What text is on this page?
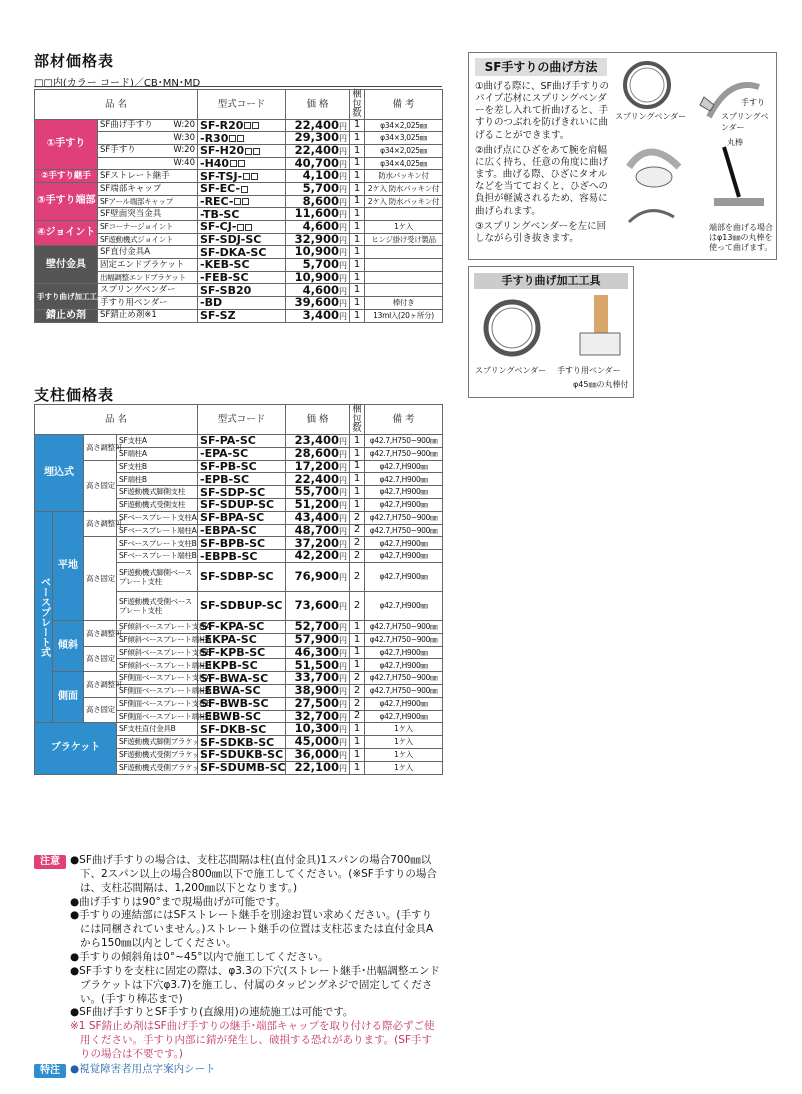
部材価格表
□□内(カラー コード)／CB･MN･MD
品 名		型式コード	価 格	梱包数	備 考
①手すり	SF曲げ手すり W:20	SF-R20	22,400円	1	φ34×2,025㎜

	W:30	-R30	29,300円	1	φ34×3,025㎜
	SF手すり W:20	SF-H20	22,400円	1	φ34×2,025㎜

	W:40	-H40	40,700円	1	φ34×4,025㎜
②手すり継手	SFストレート継手	SF-TSJ-	4,100円	1	防水パッキン付
③手すり端部	SF端部キャップ	SF-EC-	5,700円	1	2ケ入 防水パッキン付
	SFアール端部キャップ	-REC-	8,600円	1	2ケ入 防水パッキン付
	SF壁面突当金具	-TB-SC	11,600円	1	
④ジョイント	SFコーナージョイント	SF-CJ-	4,600円	1	1ケ入
	SF遊動機式ジョイント	SF-SDJ-SC	32,900円	1	ヒンジ掛け受け製品
壁付金具	SF直付金具A	SF-DKA-SC	10,900円	1	
	固定エンドブラケット	-KEB-SC	5,700円	1	
	出幅調整エンドブラケット	-FEB-SC	10,900円	1	
手すり曲げ加工工具	スプリングベンダー	SF-SB20	4,600円	1	
	手すり用ベンダー	-BD	39,600円	1	棒付き
錆止め剤	SF錆止め剤※1	SF-SZ	3,400円	1	13ml入(20ヶ所分)
支柱価格表
品 名				型式コード	価 格	梱包数	備 考
埋込式		高さ調整可	SF支柱A	SF-PA-SC	23,400円	1	φ42.7,H750~900㎜
			SF端柱A	-EPA-SC	28,600円	1	φ42.7,H750~900㎜
		高さ固定	SF支柱B	SF-PB-SC	17,200円	1	φ42.7,H900㎜
			SF端柱B	-EPB-SC	22,400円	1	φ42.7,H900㎜
			SF遊動機式脚側支柱	SF-SDP-SC	55,700円	1	φ42.7,H900㎜
			SF遊動機式受側支柱	SF-SDUP-SC	51,200円	1	φ42.7,H900㎜

ベースプレート式	平地	高さ調整可	SFベースプレート支柱A	SF-BPA-SC	43,400円	2	φ42.7,H750~900㎜
			SFベースプレート端柱A	-EBPA-SC	48,700円	2	φ42.7,H750~900㎜
		高さ固定	SFベースプレート支柱B	SF-BPB-SC	37,200円	2	φ42.7,H900㎜
			SFベースプレート端柱B	-EBPB-SC	42,200円	2	φ42.7,H900㎜
			SF遊動機式脚側ベースプレート支柱	SF-SDBP-SC	76,900円	2	φ42.7,H900㎜
			SF遊動機式受側ベースプレート支柱	SF-SDBUP-SC	73,600円	2	φ42.7,H900㎜
	傾斜	高さ調整可	SF傾斜ベースプレート支柱A	SF-KPA-SC	52,700円	1	φ42.7,H750~900㎜
			SF傾斜ベースプレート端柱A	-EKPA-SC	57,900円	1	φ42.7,H750~900㎜
		高さ固定	SF傾斜ベースプレート支柱B	SF-KPB-SC	46,300円	1	φ42.7,H900㎜
			SF傾斜ベースプレート端柱B	-EKPB-SC	51,500円	1	φ42.7,H900㎜
	側面	高さ調整可	SF側面ベースプレート支柱A	SF-BWA-SC	33,700円	2	φ42.7,H750~900㎜
			SF側面ベースプレート端柱A	-EBWA-SC	38,900円	2	φ42.7,H750~900㎜
		高さ固定	SF側面ベースプレート支柱B	SF-BWB-SC	27,500円	2	φ42.7,H900㎜
			SF側面ベースプレート端柱B	-EBWB-SC	32,700円	2	φ42.7,H900㎜
ブラケット			SF支柱直付金具B	SF-DKB-SC	10,300円	1	1ケ入
			SF遊動機式脚側ブラケット	SF-SDKB-SC	45,000円	1	1ケ入
			SF遊動機式受側ブラケット	SF-SDUKB-SC	36,000円	1	1ケ入
			SF遊動機式受側ブラケット	SF-SDUMB-SC	22,100円	1	1ケ入
注意 ●SF曲げ手すりの場合は、支柱芯間隔は柱(直付金具)1スパンの場合700㎜以下、2スパン以上の場合800㎜以下で施工してください。(※SF手すりの場合は、支柱芯間隔は、1,200㎜以下となります。)
●曲げ手すりは90°まで現場曲げが可能です。
●手すりの連結部にはSFストレート継手を別途お買い求めください。(手すりには同梱されていません。)ストレート継手の位置は支柱芯または直付金具Aから150㎜以内としてください。
●手すりの傾斜角は0°~45°以内で施工してください。
●SF手すりを支柱に固定の際は、φ3.3の下穴(ストレート継手･出幅調整エンドブラケットは下穴φ3.7)を施工し、付属のタッピングネジで固定してください。(手すり棒芯まで)
●SF曲げ手すりとSF手すり(直線用)の連続施工は可能です。
※1 SF錆止め剤はSF曲げ手すりの継手･端部キャップを取り付ける際必ずご使用ください。手すり内部に錆が発生し、破損する恐れがあります。(SF手すりの場合は不要です。)
特注 ●視覚障害者用点字案内シート
SF手すりの曲げ方法
①曲げる際に、SF曲げ手すりのパイプ芯材にスプリングベンダーを差し入れて折曲げると、手すりのつぶれを防げきれいに曲げることができます。
②曲げ点にひざをあて腕を肩幅に広く持ち、任意の角度に曲げます。曲げる際、ひざにタオルなどを当てておくと、ひざへの負担が軽減されるため、容易に曲げられます。
③スプリングベンダーを左に回しながら引き抜きます。
スプリングベンダー
手すり
スプリングベンダー
丸棒
端部を曲げる場合はφ13㎜の丸棒を使って曲げます。
手すり曲げ加工工具
スプリングベンダー 手すり用ベンダー
φ45㎜の丸棒付
